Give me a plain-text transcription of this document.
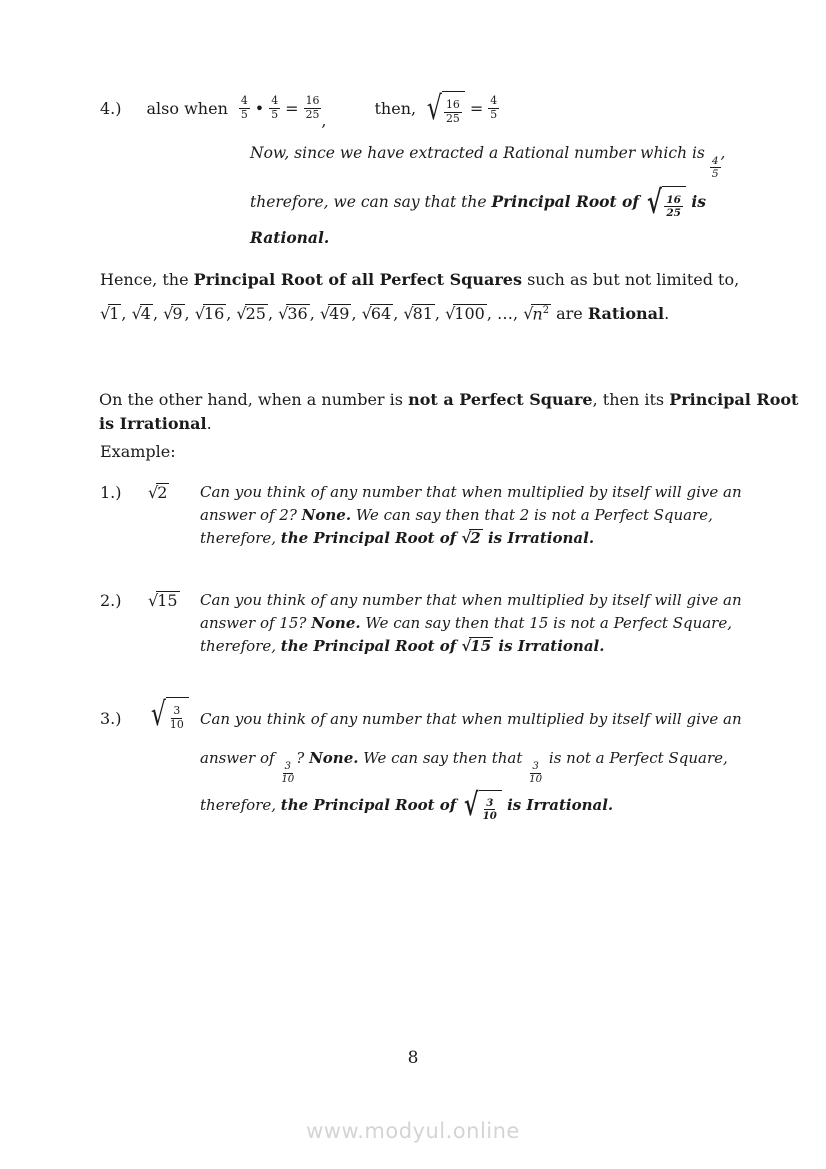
4.) also when $\frac{4}{5}$ • $\frac{4}{5} = \frac{16}{25}$ ,
then, √ $\frac{16}{25} = \frac{4}{5}$
Now, since we have extracted a Rational number which is
$\frac{4}{5}$
,
therefore, we can say that the Principal Root of √ $\frac{16}{25}$ is
Rational.
Hence, the Principal Root of all Perfect Squares such as but not limited to,
√1 , √4 , √9 , √16 , √25 , √36 , √49 , √64 , √81 , √100 , …, $√n^2$ are Rational.
On the other hand, when a number is not a Perfect Square, then its Principal Root
is Irrational.
Example:
1.) √2 Can you think of any number that when multiplied by itself will give an
answer of 2? None. We can say then that 2 is not a Perfect Square,
therefore, the Principal Root of √2 is Irrational.
2.) √15 Can you think of any number that when multiplied by itself will give an
answer of 15? None. We can say then that 15 is not a Perfect Square,
therefore, the Principal Root of √15 is Irrational.
3.) √ $\frac{3}{10}$ Can you think of any number that when multiplied by itself will give an
answer of
$\frac{3}{10}$
? None. We can say then that
$\frac{3}{10}$
is not a Perfect Square,
therefore, the Principal Root of √ $\frac{3}{10}$ is Irrational.
8
www.modyul.online
